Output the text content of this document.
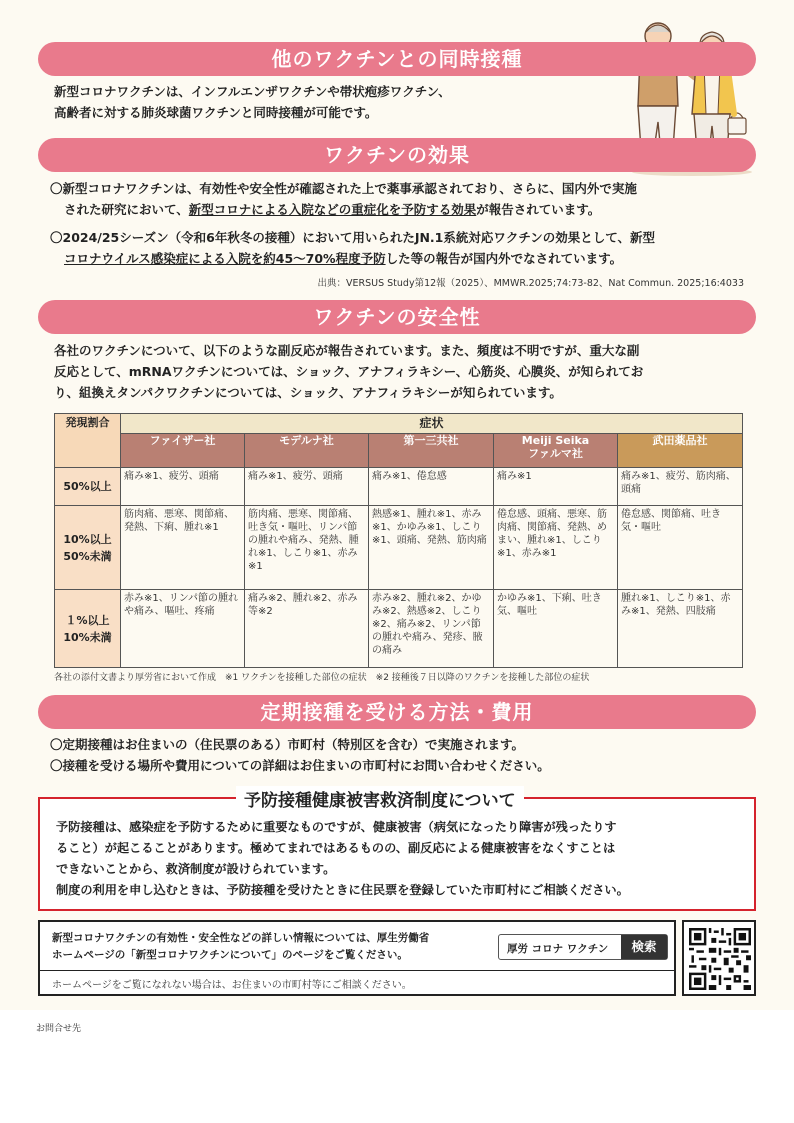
他のワクチンとの同時接種
新型コロナワクチンは、インフルエンザワクチンや帯状疱疹ワクチン、
高齢者に対する肺炎球菌ワクチンと同時接種が可能です。
ワクチンの効果
〇新型コロナワクチンは、有効性や安全性が確認された上で薬事承認されており、さらに、国内外で実施
された研究において、新型コロナによる入院などの重症化を予防する効果が報告されています。
〇2024/25シーズン（令和6年秋冬の接種）において用いられたJN.1系統対応ワクチンの効果として、新型
コロナウイルス感染症による入院を約45～70%程度予防した等の報告が国内外でなされています。
出典：VERSUS Study第12報（2025）、MMWR.2025;74:73-82、Nat Commun. 2025;16:4033
ワクチンの安全性
各社のワクチンについて、以下のような副反応が報告されています。また、頻度は不明ですが、重大な副
反応として、mRNAワクチンについては、ショック、アナフィラキシー、心筋炎、心膜炎、が知られてお
り、組換えタンパクワクチンについては、ショック、アナフィラキシーが知られています。
発現割合	症状				
	ファイザー社	モデルナ社	第一三共社	Meiji Seika
ファルマ社	武田薬品社

50%以上	痛み※1、疲労、頭痛	痛み※1、疲労、頭痛	痛み※1、倦怠感	痛み※1	痛み※1、疲労、筋肉痛、頭痛

10%以上
50%未満	筋肉痛、悪寒、関節痛、発熱、下痢、腫れ※1	筋肉痛、悪寒、関節痛、吐き気・嘔吐、リンパ節の腫れや痛み、発熱、腫れ※1、しこり※1、赤み※1	熱感※1、腫れ※1、赤み※1、かゆみ※1、しこり※1、頭痛、発熱、筋肉痛	倦怠感、頭痛、悪寒、筋肉痛、関節痛、発熱、めまい、腫れ※1、しこり※1、赤み※1	倦怠感、関節痛、吐き気・嘔吐

１%以上
10%未満	赤み※1、リンパ節の腫れや痛み、嘔吐、疼痛	痛み※2、腫れ※2、赤み等※2	赤み※2、腫れ※2、かゆみ※2、熱感※2、しこり※2、痛み※2、リンパ節の腫れや痛み、発疹、腋の痛み	かゆみ※1、下痢、吐き気、嘔吐	腫れ※1、しこり※1、赤み※1、発熱、四肢痛
各社の添付文書より厚労省において作成　※1 ワクチンを接種した部位の症状　※2 接種後７日以降のワクチンを接種した部位の症状
定期接種を受ける方法・費用
〇定期接種はお住まいの（住民票のある）市町村（特別区を含む）で実施されます。
〇接種を受ける場所や費用についての詳細はお住まいの市町村にお問い合わせください。
予防接種健康被害救済制度について
予防接種は、感染症を予防するために重要なものですが、健康被害（病気になったり障害が残ったりす
ること）が起こることがあります。極めてまれではあるものの、副反応による健康被害をなくすことは
できないことから、救済制度が設けられています。
制度の利用を申し込むときは、予防接種を受けたときに住民票を登録していた市町村にご相談ください。
新型コロナワクチンの有効性・安全性などの詳しい情報については、厚生労働省
ホームページの「新型コロナワクチンについて」のページをご覧ください。	厚労 コロナ ワクチン	検索
ホームページをご覧になれない場合は、お住まいの市町村等にご相談ください。
お問合せ先
